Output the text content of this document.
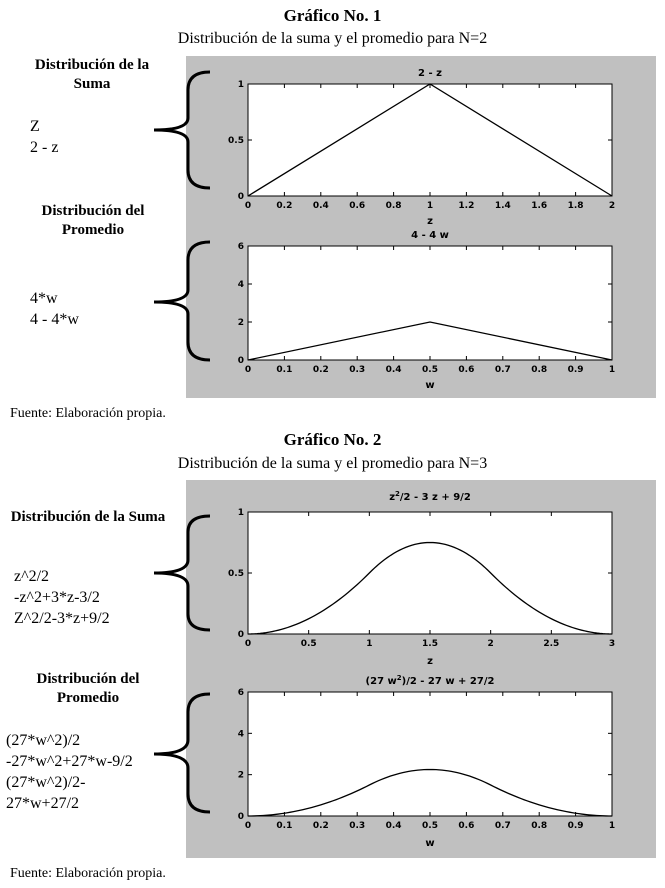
Gráfico No. 1
Distribución de la suma y el promedio para N=2
Distribución de la Suma
Z
2 - z
Distribución del Promedio
4*w
4 - 4*w
2 - z
z
0	0.2 0.4 0.6 0.8	1	1.2 1.4 1.6 1.8	2
0
0.5
1
4 - 4 w
w
0	0.1 0.2 0.3 0.4 0.5 0.6 0.7 0.8 0.9	1
0
2
4
6
Fuente: Elaboración propia.
Gráfico No. 2
Distribución de la suma y el promedio para N=3
Distribución de la Suma
z^2/2
-z^2+3*z-3/2
Z^2/2-3*z+9/2
Distribución del Promedio
(27*w^2)/2
-27*w^2+27*w-9/2
(27*w^2)/2-
27*w+27/2
$z^2/2 - 3$ z + 9/2
z
0	0.5	1	1.5	2	2.5	3
0
0.5
1
(27 $w^2)/2 - 27$ w + 27/2
w
0	0.1 0.2 0.3 0.4 0.5 0.6 0.7 0.8 0.9	1
0
2
4
6
Fuente: Elaboración propia.
